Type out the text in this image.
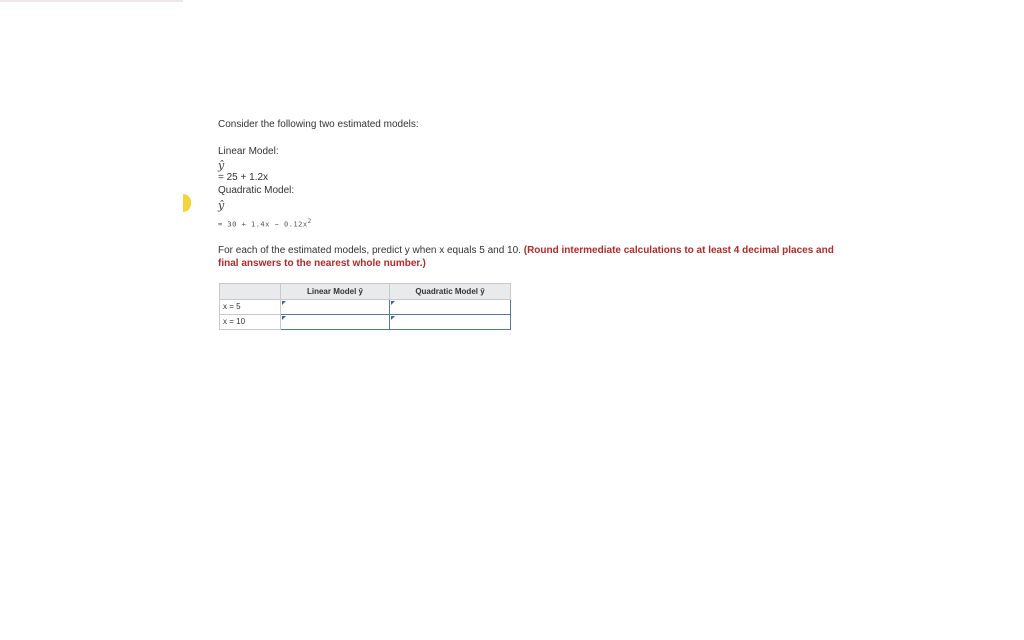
Consider the following two estimated models:
Linear Model:
ŷ
= 25 + 1.2x
Quadratic Model:
ŷ
= $30 + 1.4x - 0.12x^2$
For each of the estimated models, predict y when x equals 5 and 10. (Round intermediate calculations to at least 4 decimal places and final answers to the nearest whole number.)
	Linear Model ŷ	Quadratic Model ŷ
x = 5	

x = 10	
